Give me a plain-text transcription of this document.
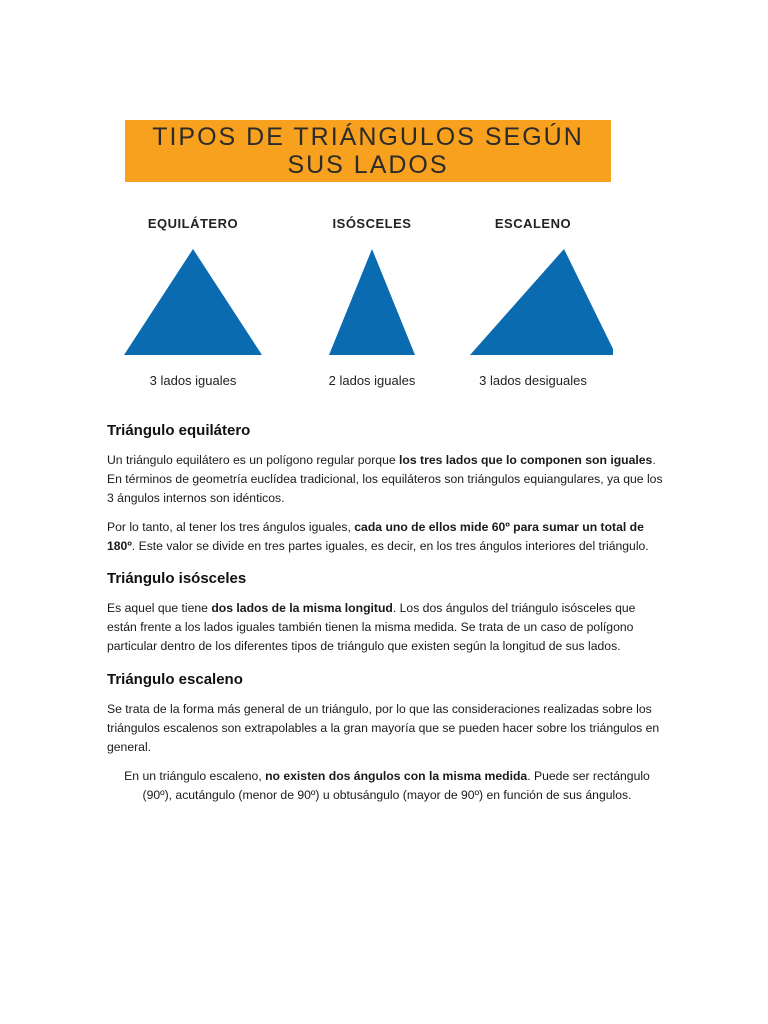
TIPOS DE TRIÁNGULOS SEGÚN
SUS LADOS
EQUILÁTERO
3 lados iguales
ISÓSCELES
2 lados iguales
ESCALENO
3 lados desiguales
Triángulo equilátero

Un triángulo equilátero es un polígono regular porque los tres lados que lo componen son iguales. En términos de geometría euclídea tradicional, los equiláteros son triángulos equiangulares, ya que los 3 ángulos internos son idénticos.

Por lo tanto, al tener los tres ángulos iguales, cada uno de ellos mide 60º para sumar un total de 180º. Este valor se divide en tres partes iguales, es decir, en los tres ángulos interiores del triángulo.

Triángulo isósceles

Es aquel que tiene dos lados de la misma longitud. Los dos ángulos del triángulo isósceles que están frente a los lados iguales también tienen la misma medida. Se trata de un caso de polígono particular dentro de los diferentes tipos de triángulo que existen según la longitud de sus lados.

Triángulo escaleno

Se trata de la forma más general de un triángulo, por lo que las consideraciones realizadas sobre los triángulos escalenos son extrapolables a la gran mayoría que se pueden hacer sobre los triángulos en general.

En un triángulo escaleno, no existen dos ángulos con la misma medida. Puede ser rectángulo (90º), acutángulo (menor de 90º) u obtusángulo (mayor de 90º) en función de sus ángulos.
